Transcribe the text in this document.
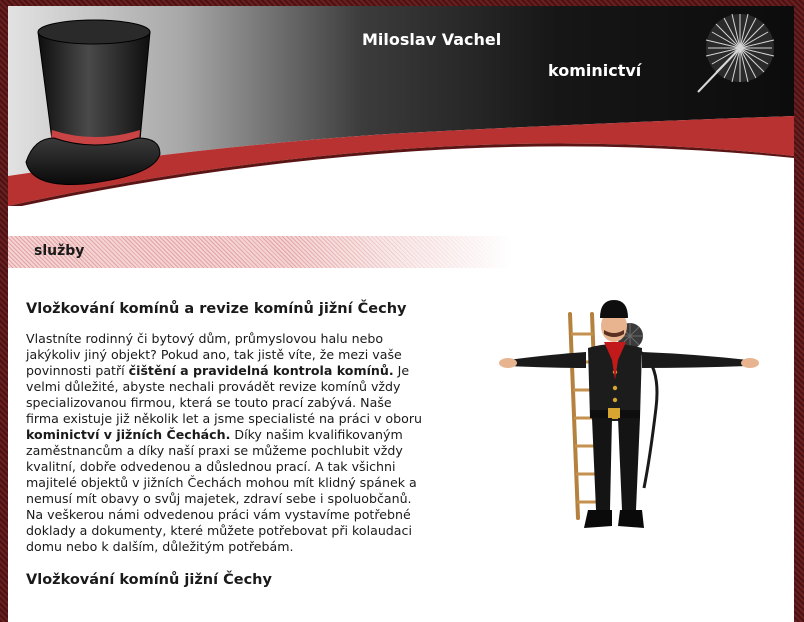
Miloslav Vachel
kominictví
služby
Vložkování komínů a revize komínů jižní Čechy

Vlastníte rodinný či bytový dům, průmyslovou halu nebo jakýkoliv jiný objekt? Pokud ano, tak jistě víte, že mezi vaše povinnosti patří čištění a pravidelná kontrola komínů. Je velmi důležité, abyste nechali provádět revize komínů vždy specializovanou firmou, která se touto prací zabývá. Naše firma existuje již několik let a jsme specialisté na práci v oboru kominictví v jižních Čechách. Díky našim kvalifikovaným zaměstnancům a díky naší praxi se můžeme pochlubit vždy kvalitní, dobře odvedenou a důslednou prací. A tak všichni majitelé objektů v jižních Čechách mohou mít klidný spánek a nemusí mít obavy o svůj majetek, zdraví sebe i spoluobčanů. Na veškerou námi odvedenou práci vám vystavíme potřebné doklady a dokumenty, které můžete potřebovat při kolaudaci domu nebo k dalším, důležitým potřebám.

Vložkování komínů jižní Čechy
